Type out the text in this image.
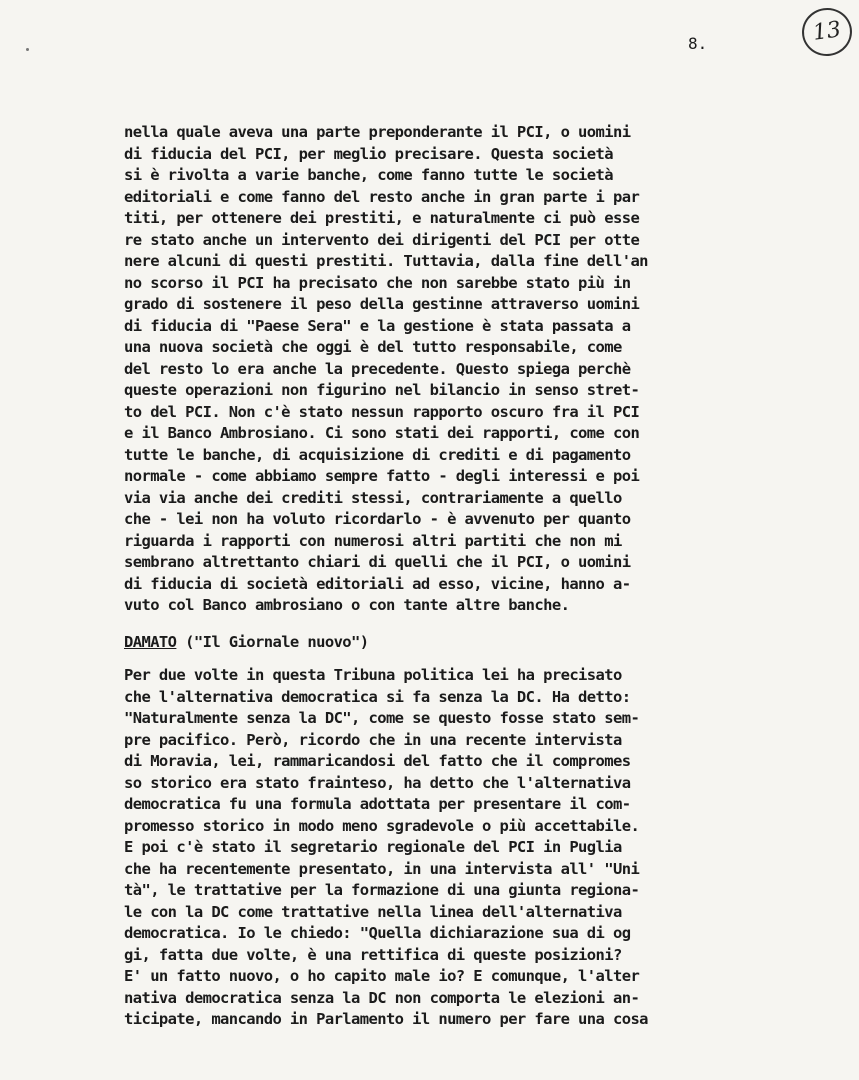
8.	13
nella quale aveva una parte preponderante il PCI, o uomini
di fiducia del PCI, per meglio precisare. Questa società
si è rivolta a varie banche, come fanno tutte le società
editoriali e come fanno del resto anche in gran parte i par
titi, per ottenere dei prestiti, e naturalmente ci può esse
re stato anche un intervento dei dirigenti del PCI per otte
nere alcuni di questi prestiti. Tuttavia, dalla fine dell'an
no scorso il PCI ha precisato che non sarebbe stato più in
grado di sostenere il peso della gestinne attraverso uomini
di fiducia di "Paese Sera" e la gestione è stata passata a
una nuova società che oggi è del tutto responsabile, come
del resto lo era anche la precedente. Questo spiega perchè
queste operazioni non figurino nel bilancio in senso stret-
to del PCI. Non c'è stato nessun rapporto oscuro fra il PCI
e il Banco Ambrosiano. Ci sono stati dei rapporti, come con
tutte le banche, di acquisizione di crediti e di pagamento
normale - come abbiamo sempre fatto - degli interessi e poi
via via anche dei crediti stessi, contrariamente a quello
che - lei non ha voluto ricordarlo - è avvenuto per quanto
riguarda i rapporti con numerosi altri partiti che non mi
sembrano altrettanto chiari di quelli che il PCI, o uomini
di fiducia di società editoriali ad esso, vicine, hanno a-
vuto col Banco ambrosiano o con tante altre banche.
DAMATO ("Il Giornale nuovo")
Per due volte in questa Tribuna politica lei ha precisato
che l'alternativa democratica si fa senza la DC. Ha detto:
"Naturalmente senza la DC", come se questo fosse stato sem-
pre pacifico. Però, ricordo che in una recente intervista
di Moravia, lei, rammaricandosi del fatto che il compromes
so storico era stato frainteso, ha detto che l'alternativa
democratica fu una formula adottata per presentare il com-
promesso storico in modo meno sgradevole o più accettabile.
E poi c'è stato il segretario regionale del PCI in Puglia
che ha recentemente presentato, in una intervista all' "Uni
tà", le trattative per la formazione di una giunta regiona-
le con la DC come trattative nella linea dell'alternativa
democratica. Io le chiedo: "Quella dichiarazione sua di og
gi, fatta due volte, è una rettifica di queste posizioni?
E' un fatto nuovo, o ho capito male io? E comunque, l'alter
nativa democratica senza la DC non comporta le elezioni an-
ticipate, mancando in Parlamento il numero per fare una cosa
